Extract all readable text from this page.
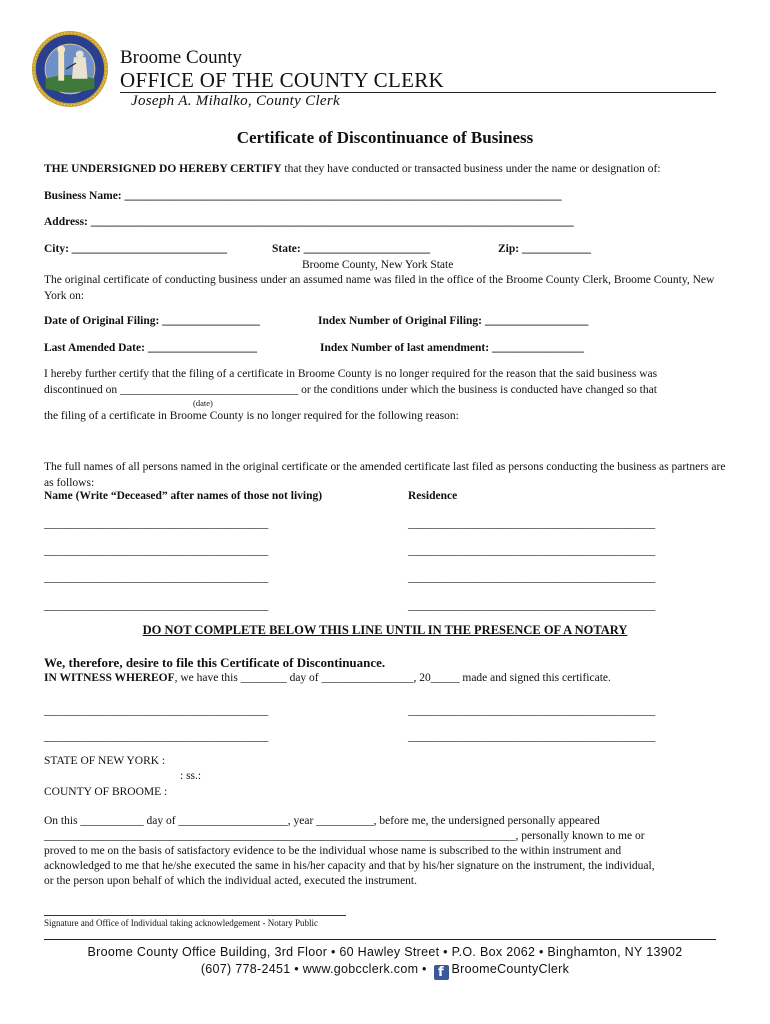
Broome County
OFFICE OF THE COUNTY CLERK
Joseph A. Mihalko, County Clerk
Certificate of Discontinuance of Business
THE UNDERSIGNED DO HEREBY CERTIFY that they have conducted or transacted business under the name or designation of:
Business Name: ____________________________________________________________________________
Address: ____________________________________________________________________________________
City: ___________________________	State: ______________________	Zip: ____________
Broome County, New York State
The original certificate of conducting business under an assumed name was filed in the office of the Broome County Clerk, Broome County, New York on:
Date of Original Filing: _________________	Index Number of Original Filing: __________________
Last Amended Date: ___________________	Index Number of last amendment: ________________
I hereby further certify that the filing of a certificate in Broome County is no longer required for the reason that the said business was
discontinued on _______________________________ or the conditions under which the business is conducted have changed so that
(date)
the filing of a certificate in Broome County is no longer required for the following reason:
The full names of all persons named in the original certificate or the amended certificate last filed as persons conducting the business as partners are as follows:
Name (Write “Deceased” after names of those not living)	Residence
_______________________________________	___________________________________________
_______________________________________	___________________________________________
_______________________________________	___________________________________________
_______________________________________	___________________________________________
DO NOT COMPLETE BELOW THIS LINE UNTIL IN THE PRESENCE OF A NOTARY
We, therefore, desire to file this Certificate of Discontinuance.
IN WITNESS WHEREOF, we have this ________ day of ________________, 20_____ made and signed this certificate.
_______________________________________	___________________________________________
_______________________________________	___________________________________________
STATE OF NEW YORK :
: ss.:
COUNTY OF BROOME :
On this ___________ day of ___________________, year __________, before me, the undersigned personally appeared
__________________________________________________________________________________, personally known to me or
proved to me on the basis of satisfactory evidence to be the individual whose name is subscribed to the within instrument and
acknowledged to me that he/she executed the same in his/her capacity and that by his/her signature on the instrument, the individual,
or the person upon behalf of which the individual acted, executed the instrument.
Signature and Office of Individual taking acknowledgement - Notary Public
Broome County Office Building, 3rd Floor • 60 Hawley Street • P.O. Box 2062 • Binghamton, NY 13902
(607) 778-2451 • www.gobcclerk.com • f BroomeCountyClerk
